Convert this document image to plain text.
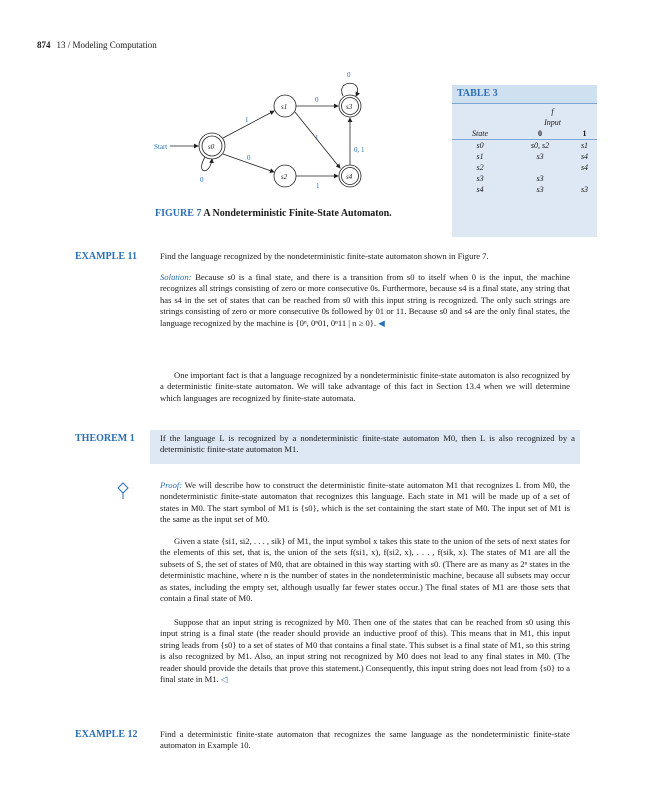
874 13 / Modeling Computation
Start	s0
s1
s2
s3
s4
0
1
0
0
1
1
0
0, 1
FIGURE 7 A Nondeterministic Finite-State Automaton.
TABLE 3
	f	
	Input	
State	0	1
s0	s0, s2	s1
s1	s3	s4
s2		s4
s3	s3	
s4	s3	s3
EXAMPLE 11	Find the language recognized by the nondeterministic finite-state automaton shown in Figure 7.
Solution: Because s0 is a final state, and there is a transition from s0 to itself when 0 is the input, the machine recognizes all strings consisting of zero or more consecutive 0s. Furthermore, because s4 is a final state, any string that has s4 in the set of states that can be reached from s0 with this input string is recognized. The only such strings are strings consisting of zero or more consecutive 0s followed by 01 or 11. Because s0 and s4 are the only final states, the language recognized by the machine is {0ⁿ, 0ⁿ01, 0ⁿ11 | n ≥ 0}. ◀
One important fact is that a language recognized by a nondeterministic finite-state automaton is also recognized by a deterministic finite-state automaton. We will take advantage of this fact in Section 13.4 when we will determine which languages are recognized by finite-state automata.
THEOREM 1	If the language L is recognized by a nondeterministic finite-state automaton M0, then L is also recognized by a deterministic finite-state automaton M1.
Proof: We will describe how to construct the deterministic finite-state automaton M1 that recognizes L from M0, the nondeterministic finite-state automaton that recognizes this language. Each state in M1 will be made up of a set of states in M0. The start symbol of M1 is {s0}, which is the set containing the start state of M0. The input set of M1 is the same as the input set of M0.
Given a state {si1, si2, . . . , sik} of M1, the input symbol x takes this state to the union of the sets of next states for the elements of this set, that is, the union of the sets f(si1, x), f(si2, x), . . . , f(sik, x). The states of M1 are all the subsets of S, the set of states of M0, that are obtained in this way starting with s0. (There are as many as 2ⁿ states in the deterministic machine, where n is the number of states in the nondeterministic machine, because all subsets may occur as states, including the empty set, although usually far fewer states occur.) The final states of M1 are those sets that contain a final state of M0.
Suppose that an input string is recognized by M0. Then one of the states that can be reached from s0 using this input string is a final state (the reader should provide an inductive proof of this). This means that in M1, this input string leads from {s0} to a set of states of M0 that contains a final state. This subset is a final state of M1, so this string is also recognized by M1. Also, an input string not recognized by M0 does not lead to any final states in M0. (The reader should provide the details that prove this statement.) Consequently, this input string does not lead from {s0} to a final state in M1. ◁
EXAMPLE 12	Find a deterministic finite-state automaton that recognizes the same language as the nondeterministic finite-state automaton in Example 10.
